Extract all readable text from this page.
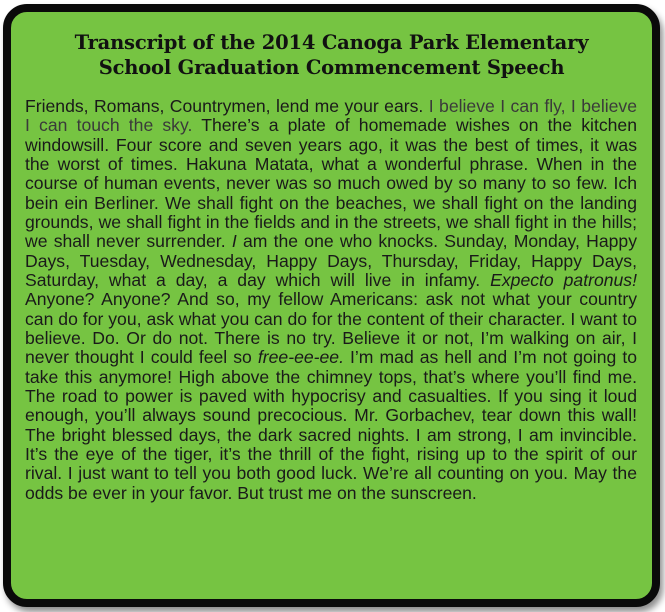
Transcript of the 2014 Canoga Park Elementary
School Graduation Commencement Speech

Friends, Romans, Countrymen, lend me your ears. I believe I can fly, I believe I can touch the sky. There’s a plate of homemade wishes on the kitchen windowsill. Four score and seven years ago, it was the best of times, it was the worst of times. Hakuna Matata, what a wonderful phrase. When in the course of human events, never was so much owed by so many to so few. Ich bein ein Berliner. We shall fight on the beaches, we shall fight on the landing grounds, we shall fight in the fields and in the streets, we shall fight in the hills; we shall never surrender. I am the one who knocks. Sunday, Monday, Happy Days, Tuesday, Wednesday, Happy Days, Thursday, Friday, Happy Days, Saturday, what a day, a day which will live in infamy. Expecto patronus! Anyone? Anyone? And so, my fellow Americans: ask not what your country can do for you, ask what you can do for the content of their character. I want to believe. Do. Or do not. There is no try. Believe it or not, I’m walking on air, I never thought I could feel so free-ee-ee. I’m mad as hell and I’m not going to take this anymore! High above the chimney tops, that’s where you’ll find me. The road to power is paved with hypocrisy and casualties. If you sing it loud enough, you’ll always sound precocious. Mr. Gorbachev, tear down this wall! The bright blessed days, the dark sacred nights. I am strong, I am invincible. It’s the eye of the tiger, it’s the thrill of the fight, rising up to the spirit of our rival. I just want to tell you both good luck. We’re all counting on you. May the odds be ever in your favor. But trust me on the sunscreen.
